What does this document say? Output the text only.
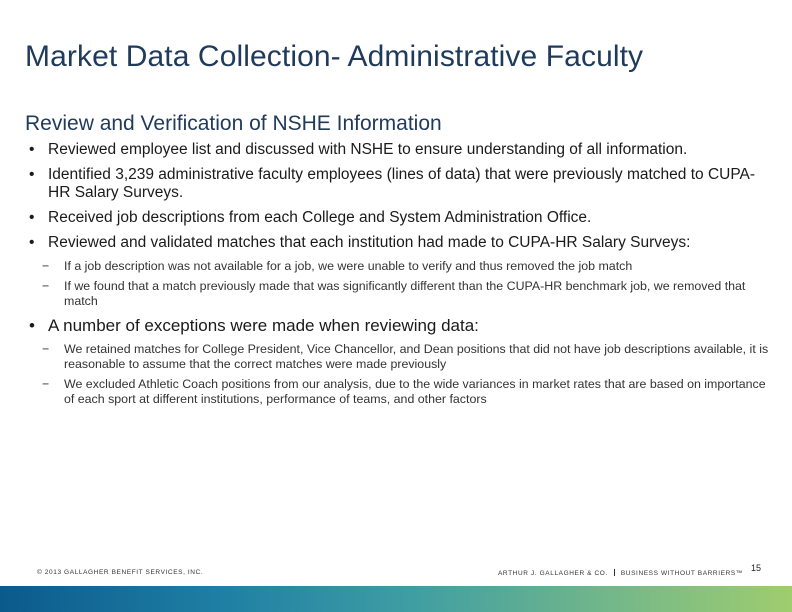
Market Data Collection- Administrative Faculty
Review and Verification of NSHE Information
• Reviewed employee list and discussed with NSHE to ensure understanding of all information.
• Identified 3,239 administrative faculty employees (lines of data) that were previously matched to CUPA-HR Salary Surveys.
• Received job descriptions from each College and System Administration Office.
• Reviewed and validated matches that each institution had made to CUPA-HR Salary Surveys:
− If a job description was not available for a job, we were unable to verify and thus removed the job match
− If we found that a match previously made that was significantly different than the CUPA-HR benchmark job, we removed that match
• A number of exceptions were made when reviewing data:
− We retained matches for College President, Vice Chancellor, and Dean positions that did not have job descriptions available, it is reasonable to assume that the correct matches were made previously
− We excluded Athletic Coach positions from our analysis, due to the wide variances in market rates that are based on importance of each sport at different institutions, performance of teams, and other factors
© 2013 GALLAGHER BENEFIT SERVICES, INC.	ARTHUR J. GALLAGHER & CO. BUSINESS WITHOUT BARRIERS™
15
